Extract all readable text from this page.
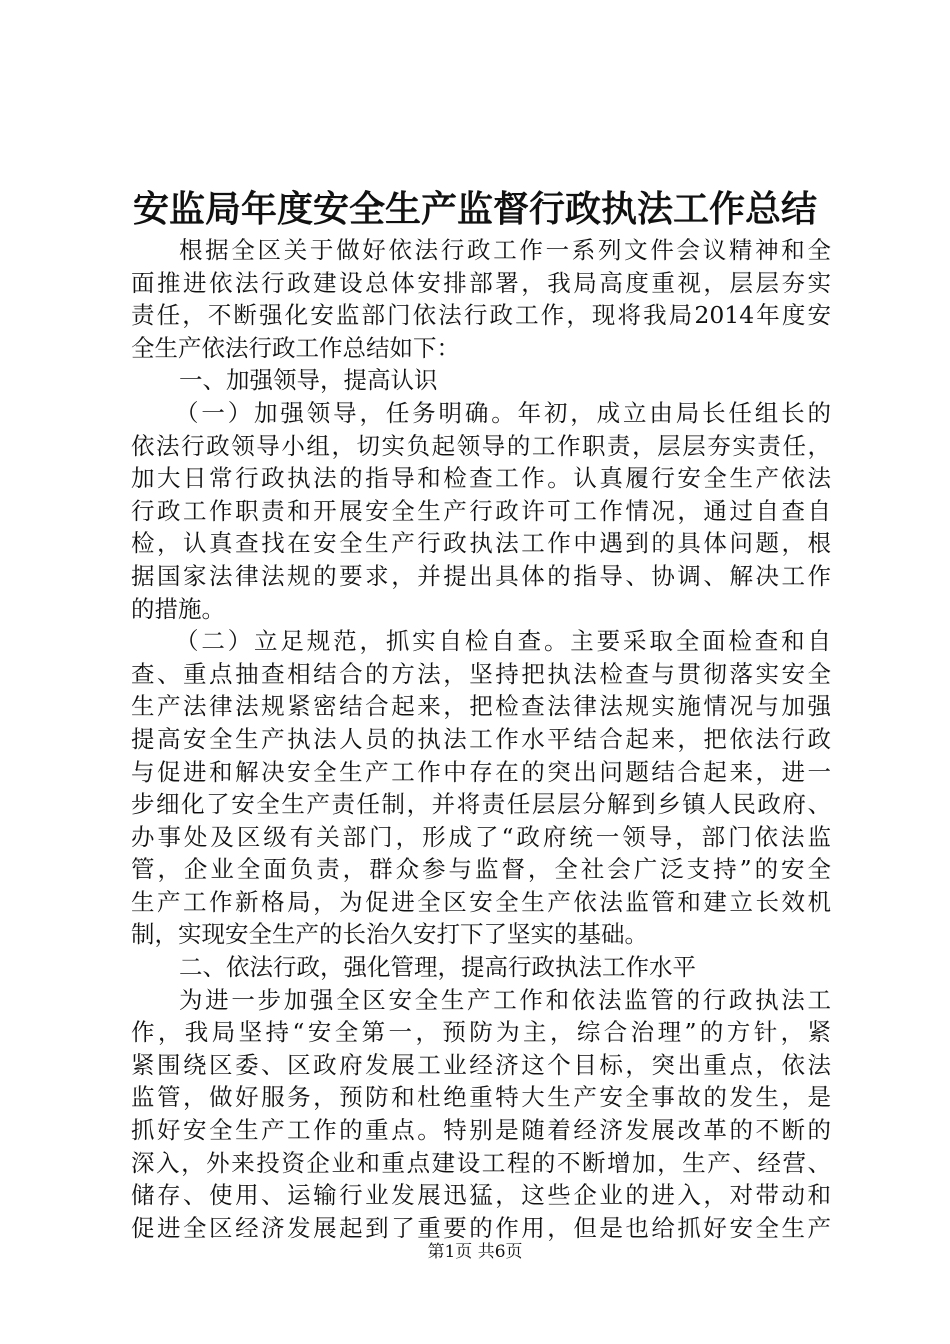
安监局年度安全生产监督行政执法工作总结
根据全区关于做好依法行政工作一系列文件会议精神和全
面推进依法行政建设总体安排部署，我局高度重视，层层夯实
责任，不断强化安监部门依法行政工作，现将我局2014年度安
全生产依法行政工作总结如下：
一、加强领导，提高认识
（一）加强领导，任务明确。年初，成立由局长任组长的
依法行政领导小组，切实负起领导的工作职责，层层夯实责任，
加大日常行政执法的指导和检查工作。认真履行安全生产依法
行政工作职责和开展安全生产行政许可工作情况，通过自查自
检，认真查找在安全生产行政执法工作中遇到的具体问题，根
据国家法律法规的要求，并提出具体的指导、协调、解决工作
的措施。
（二）立足规范，抓实自检自查。主要采取全面检查和自
查、重点抽查相结合的方法，坚持把执法检查与贯彻落实安全
生产法律法规紧密结合起来，把检查法律法规实施情况与加强
提高安全生产执法人员的执法工作水平结合起来，把依法行政
与促进和解决安全生产工作中存在的突出问题结合起来，进一
步细化了安全生产责任制，并将责任层层分解到乡镇人民政府、
办事处及区级有关部门，形成了“政府统一领导，部门依法监
管，企业全面负责，群众参与监督，全社会广泛支持”的安全
生产工作新格局，为促进全区安全生产依法监管和建立长效机
制，实现安全生产的长治久安打下了坚实的基础。
二、依法行政，强化管理，提高行政执法工作水平
为进一步加强全区安全生产工作和依法监管的行政执法工
作，我局坚持“安全第一，预防为主，综合治理”的方针，紧
紧围绕区委、区政府发展工业经济这个目标，突出重点，依法
监管，做好服务，预防和杜绝重特大生产安全事故的发生，是
抓好安全生产工作的重点。特别是随着经济发展改革的不断的
深入，外来投资企业和重点建设工程的不断增加，生产、经营、
储存、使用、运输行业发展迅猛，这些企业的进入，对带动和
促进全区经济发展起到了重要的作用，但是也给抓好安全生产
第1页 共6页
